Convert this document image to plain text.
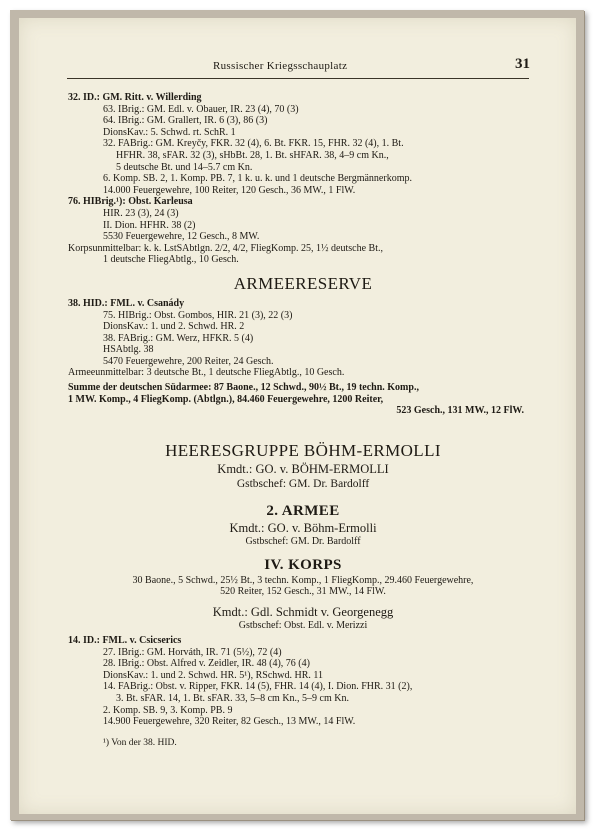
Russischer Kriegsschauplatz	31
32. ID.: GM. Ritt. v. Willerding
63. IBrig.: GM. Edl. v. Obauer, IR. 23 (4), 70 (3)
64. IBrig.: GM. Grallert, IR. 6 (3), 86 (3)
DionsKav.: 5. Schwd. rt. SchR. 1
32. FABrig.: GM. Kreyčy, FKR. 32 (4), 6. Bt. FKR. 15, FHR. 32 (4), 1. Bt.
HFHR. 38, sFAR. 32 (3), sHbBt. 28, 1. Bt. sHFAR. 38, 4–9 cm Kn.,
5 deutsche Bt. und 14–5.7 cm Kn.
6. Komp. SB. 2, 1. Komp. PB. 7, 1 k. u. k. und 1 deutsche Bergmännerkomp.
14.000 Feuergewehre, 100 Reiter, 120 Gesch., 36 MW., 1 FlW.
76. HIBrig.¹): Obst. Karleusa
HIR. 23 (3), 24 (3)
II. Dion. HFHR. 38 (2)
5530 Feuergewehre, 12 Gesch., 8 MW.
Korpsunmittelbar: k. k. LstSAbtlgn. 2/2, 4/2, FliegKomp. 25, 1½ deutsche Bt.,
1 deutsche FliegAbtlg., 10 Gesch.
ARMEERESERVE
38. HID.: FML. v. Csanády
75. HIBrig.: Obst. Gombos, HIR. 21 (3), 22 (3)
DionsKav.: 1. und 2. Schwd. HR. 2
38. FABrig.: GM. Werz, HFKR. 5 (4)
HSAbtlg. 38
5470 Feuergewehre, 200 Reiter, 24 Gesch.
Armeeunmittelbar: 3 deutsche Bt., 1 deutsche FliegAbtlg., 10 Gesch.
Summe der deutschen Südarmee: 87 Baone., 12 Schwd., 90½ Bt., 19 techn. Komp.,
1 MW. Komp., 4 FliegKomp. (Abtlgn.), 84.460 Feuergewehre, 1200 Reiter,
523 Gesch., 131 MW., 12 FlW.
HEERESGRUPPE BÖHM-ERMOLLI
Kmdt.: GO. v. BÖHM-ERMOLLI
Gstbschef: GM. Dr. Bardolff
2. ARMEE
Kmdt.: GO. v. Böhm-Ermolli
Gstbschef: GM. Dr. Bardolff
IV. KORPS
30 Baone., 5 Schwd., 25½ Bt., 3 techn. Komp., 1 FliegKomp., 29.460 Feuergewehre,
520 Reiter, 152 Gesch., 31 MW., 14 FlW.
Kmdt.: Gdl. Schmidt v. Georgenegg
Gstbschef: Obst. Edl. v. Merizzi
14. ID.: FML. v. Csicserics
27. IBrig.: GM. Horváth, IR. 71 (5½), 72 (4)
28. IBrig.: Obst. Alfred v. Zeidler, IR. 48 (4), 76 (4)
DionsKav.: 1. und 2. Schwd. HR. 5¹), RSchwd. HR. 11
14. FABrig.: Obst. v. Ripper, FKR. 14 (5), FHR. 14 (4), I. Dion. FHR. 31 (2),
3. Bt. sFAR. 14, 1. Bt. sFAR. 33, 5–8 cm Kn., 5–9 cm Kn.
2. Komp. SB. 9, 3. Komp. PB. 9
14.900 Feuergewehre, 320 Reiter, 82 Gesch., 13 MW., 14 FlW.
¹) Von der 38. HID.
